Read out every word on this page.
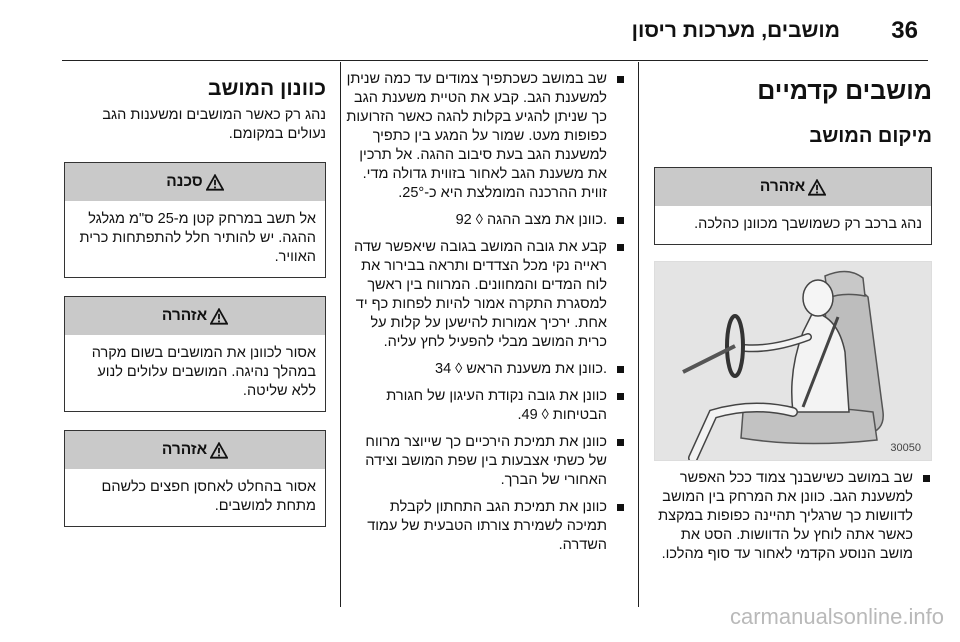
36
מושבים, מערכות ריסון
מושבים קדמיים
מיקום המושב
אזהרה
נהג ברכב רק כשמושבך מכוונן כהלכה.
30050
שב במושב כשישבנך צמוד ככל האפשר למשענת הגב. כוונן את המרחק בין המושב לדוושות כך שרגליך תהיינה כפופות במקצת כאשר אתה לוחץ על הדוושות. הסט את מושב הנוסע הקדמי לאחור עד סוף מהלכו.
שב במושב כשכתפיך צמודים עד כמה שניתן למשענת הגב. קבע את הטיית משענת הגב כך שניתן להגיע בקלות להגה כאשר הזרועות כפופות מעט. שמור על המגע בין כתפיך למשענת הגב בעת סיבוב ההגה. אל תרכין את משענת הגב לאחור בזווית גדולה מדי. זווית ההרכנה המומלצת היא כ-25°.
כוונן את מצב ההגה ◊ 92.
קבע את גובה המושב בגובה שיאפשר שדה ראייה נקי מכל הצדדים ותראה בבירור את לוח המדים והמחוונים. המרווח בין ראשך למסגרת התקרה אמור להיות לפחות כף יד אחת. ירכיך אמורות להישען על קלות על כרית המושב מבלי להפעיל לחץ עליה.
כוונן את משענת הראש ◊ 34.
כוונן את גובה נקודת העיגון של חגורת הבטיחות ◊ 49.
כוונן את תמיכת הירכיים כך שייוצר מרווח של כשתי אצבעות בין שפת המושב וצידה האחורי של הברך.
כוונן את תמיכת הגב התחתון לקבלת תמיכה לשמירת צורתו הטבעית של עמוד השדרה.
כוונון המושב

נהג רק כאשר המושבים ומשענות הגב נעולים במקומם.

סכנה
אל תשב במרחק קטן מ-25 ס"מ מגלגל ההגה. יש להותיר חלל להתפתחות כרית האוויר.
אזהרה
אסור לכוונן את המושבים בשום מקרה במהלך נהיגה. המושבים עלולים לנוע ללא שליטה.
אזהרה
אסור בהחלט לאחסן חפצים כלשהם מתחת למושבים.
carmanualsonline.info
